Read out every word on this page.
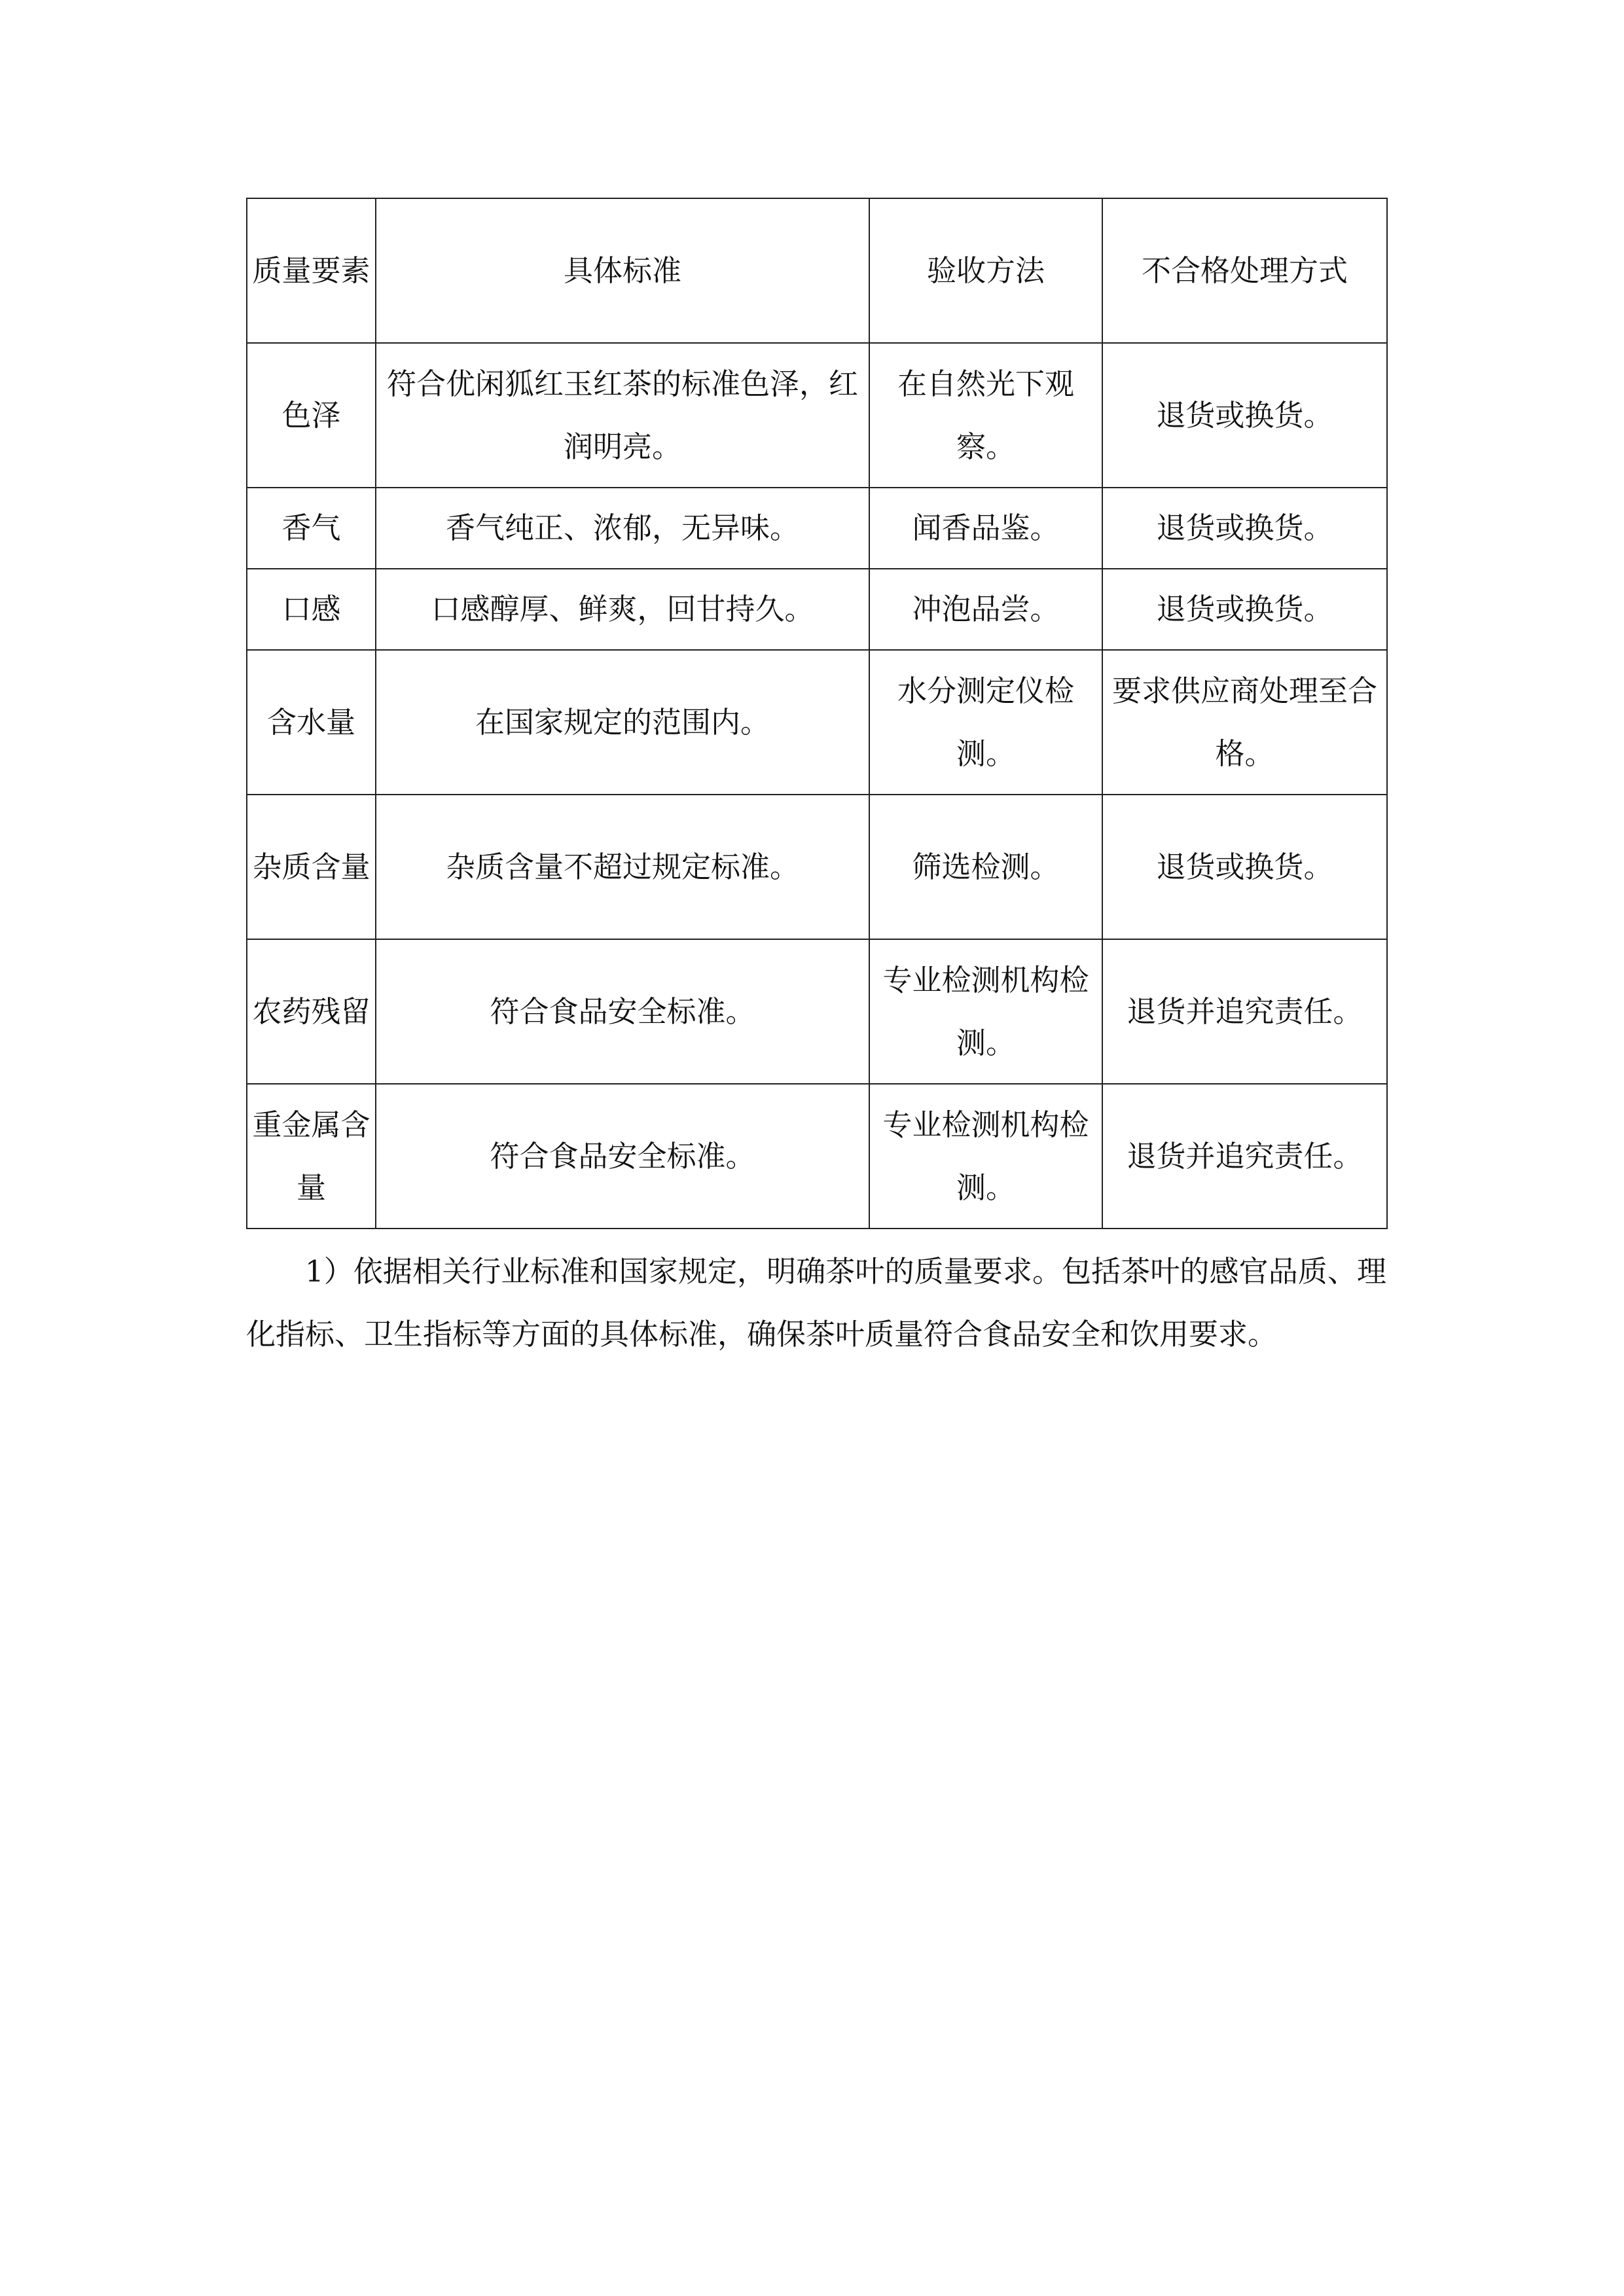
质量要素	具体标准	验收方法	不合格处理方式

色泽	符合优闲狐红玉红茶的标准色泽，红润明亮。	在自然光下观察。	退货或换货。

香气	香气纯正、浓郁，无异味。	闻香品鉴。	退货或换货。

口感	口感醇厚、鲜爽，回甘持久。	冲泡品尝。	退货或换货。

含水量	在国家规定的范围内。	水分测定仪检测。	要求供应商处理至合格。

杂质含量	杂质含量不超过规定标准。	筛选检测。	退货或换货。

农药残留	符合食品安全标准。	专业检测机构检测。	退货并追究责任。

重金属含量	符合食品安全标准。	专业检测机构检测。	退货并追究责任。

1）依据相关行业标准和国家规定，明确茶叶的质量要求。包括茶叶的感官品质、理化指标、卫生指标等方面的具体标准，确保茶叶质量符合食品安全和饮用要求。
